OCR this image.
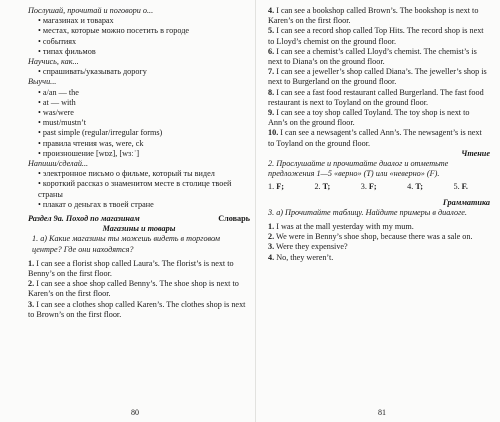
Послушай, прочитай и поговори о...

• магазинах и товарах

• местах, которые можно посетить в городе

• событиях

• типах фильмов

Научись, как...

• спрашивать/указывать дорогу

Выучи...

• a/an — the

• at — with

• was/were

• must/mustn’t

• past simple (regular/irregular forms)

• правила чтения was, were, ck

• произношение [wɒz], [wɜːˈ]

Напиши/сделай...

• электронное письмо о фильме, который ты видел

• короткий рассказ о знаменитом месте в столице твоей страны

• плакат о деньгах в твоей стране

Раздел 9а. Поход по магазинам	Словарь

Магазины и товары

1. а) Какие магазины ты можешь видеть в торговом центре? Где они находятся?

1. I can see a florist shop called Laura’s. The florist’s is next to Benny’s on the first floor.

2. I can see a shoe shop called Benny’s. The shoe shop is next to Karen’s on the first floor.

3. I can see a clothes shop called Karen’s. The clothes shop is next to Brown’s on the first floor.

80

4. I can see a bookshop called Brown’s. The bookshop is next to Karen’s on the first floor.

5. I can see a record shop called Top Hits. The record shop is next to Lloyd’s chemist on the ground floor.

6. I can see a chemist’s called Lloyd’s chemist. The chemist’s is next to Diana’s on the ground floor.

7. I can see a jeweller’s shop called Diana’s. The jeweller’s shop is next to Burgerland on the ground floor.

8. I can see a fast food restaurant called Burgerland. The fast food restaurant is next to Toyland on the ground floor.

9. I can see a toy shop called Toyland. The toy shop is next to Ann’s on the ground floor.

10. I can see a newsagent’s called Ann’s. The newsagent’s is next to Toyland on the ground floor.

Чтение

2. Прослушайте и прочитайте диалог и отметьте предложения 1—5 «верно» (T) или «неверно» (F).

1. F;	2. T;	3. F;	4. T;	5. F.

Грамматика

3. а) Прочитайте таблицу. Найдите примеры в диалоге.

1. I was at the mall yesterday with my mum.

2. We were in Benny’s shoe shop, because there was a sale on.

3. Were they expensive?

4. No, they weren’t.

81
